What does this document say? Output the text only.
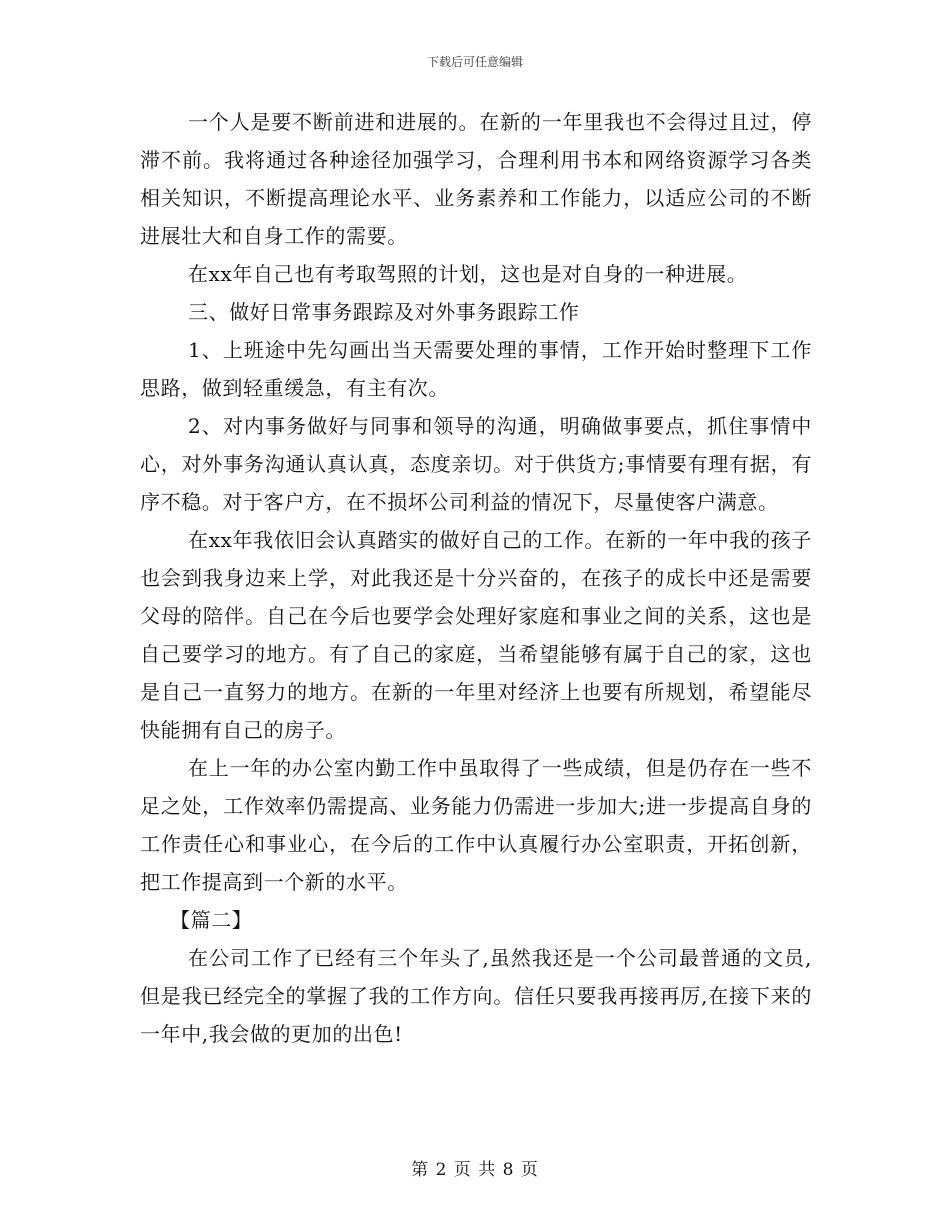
下载后可任意编辑

一个人是要不断前进和进展的。在新的一年里我也不会得过且过，停滞不前。我将通过各种途径加强学习，合理利用书本和网络资源学习各类相关知识，不断提高理论水平、业务素养和工作能力，以适应公司的不断进展壮大和自身工作的需要。

在xx年自己也有考取驾照的计划，这也是对自身的一种进展。

三、做好日常事务跟踪及对外事务跟踪工作

1、上班途中先勾画出当天需要处理的事情，工作开始时整理下工作思路，做到轻重缓急，有主有次。

2、对内事务做好与同事和领导的沟通，明确做事要点，抓住事情中心，对外事务沟通认真认真，态度亲切。对于供货方;事情要有理有据，有序不稳。对于客户方，在不损坏公司利益的情况下，尽量使客户满意。

在xx年我依旧会认真踏实的做好自己的工作。在新的一年中我的孩子也会到我身边来上学，对此我还是十分兴奋的，在孩子的成长中还是需要父母的陪伴。自己在今后也要学会处理好家庭和事业之间的关系，这也是自己要学习的地方。有了自己的家庭，当希望能够有属于自己的家，这也是自己一直努力的地方。在新的一年里对经济上也要有所规划，希望能尽快能拥有自己的房子。

在上一年的办公室内勤工作中虽取得了一些成绩，但是仍存在一些不足之处，工作效率仍需提高、业务能力仍需进一步加大;进一步提高自身的工作责任心和事业心，在今后的工作中认真履行办公室职责，开拓创新，把工作提高到一个新的水平。

【篇二】

在公司工作了已经有三个年头了,虽然我还是一个公司最普通的文员,但是我已经完全的掌握了我的工作方向。信任只要我再接再厉,在接下来的一年中,我会做的更加的出色!

第 2 页 共 8 页
